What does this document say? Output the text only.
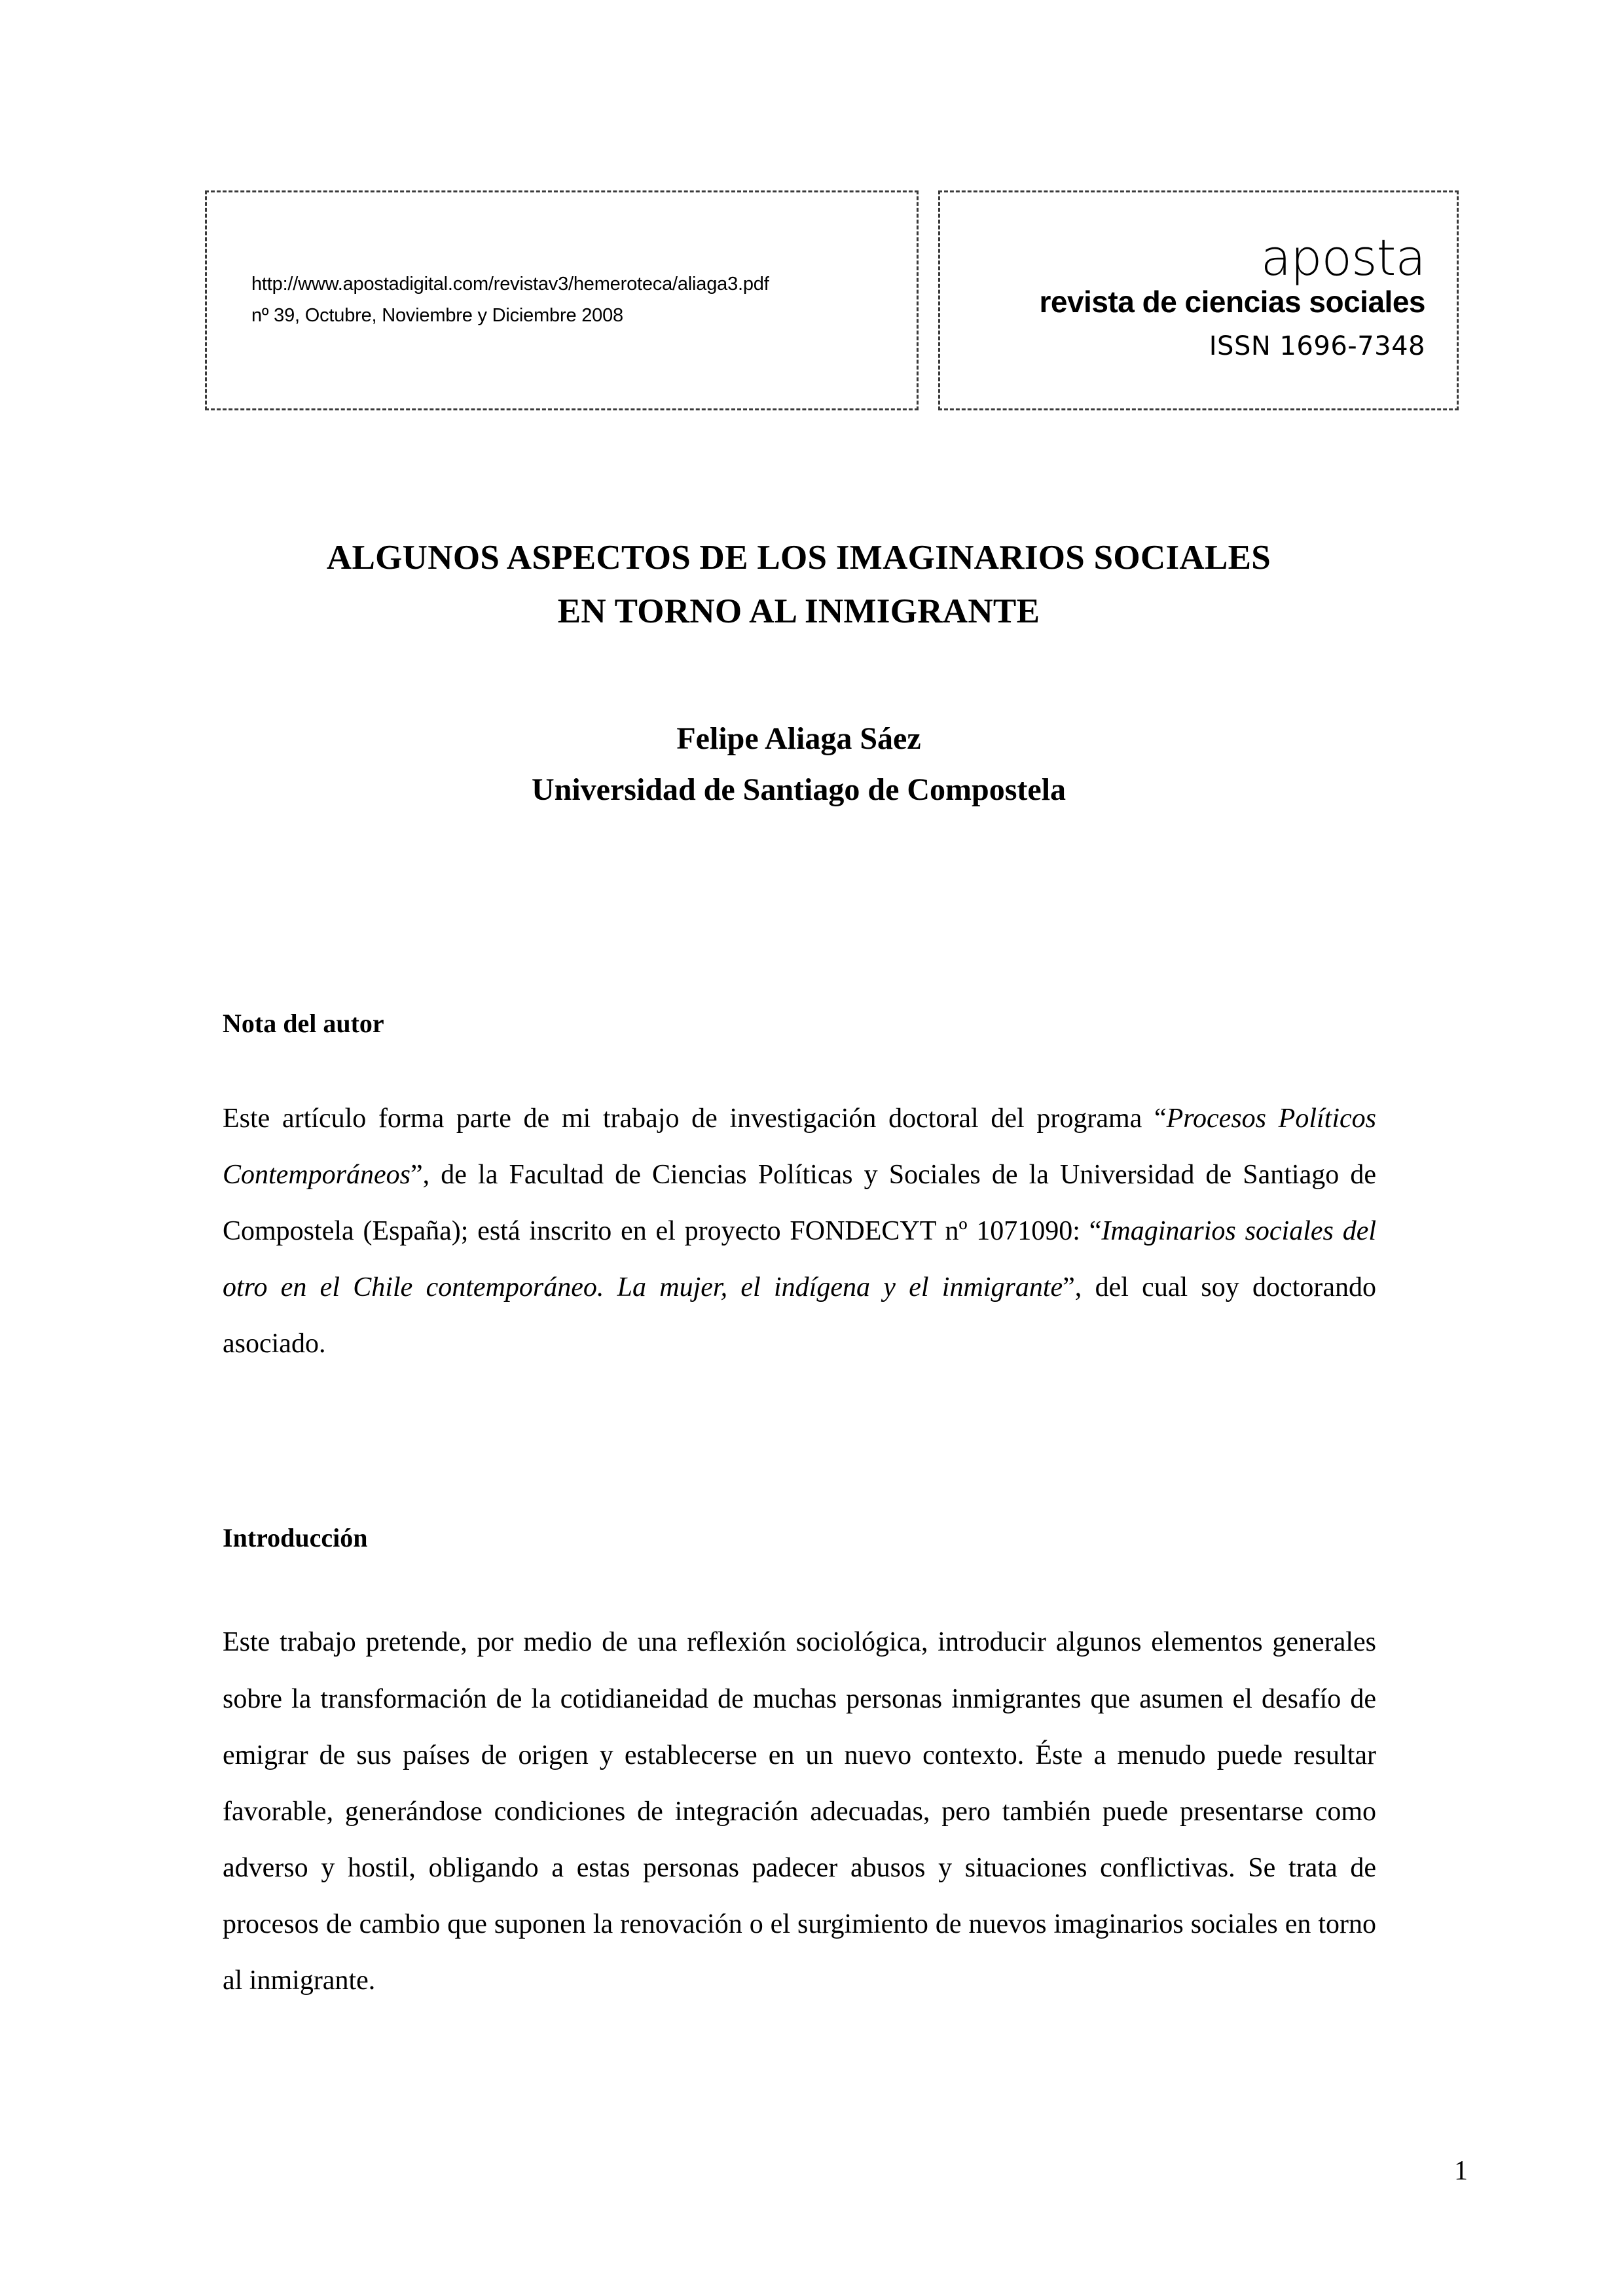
http://www.apostadigital.com/revistav3/hemeroteca/aliaga3.pdf
nº 39, Octubre, Noviembre y Diciembre 2008
aposta
revista de ciencias sociales
ISSN 1696-7348
ALGUNOS ASPECTOS DE LOS IMAGINARIOS SOCIALES
EN TORNO AL INMIGRANTE
Felipe Aliaga Sáez
Universidad de Santiago de Compostela
Nota del autor

Este artículo forma parte de mi trabajo de investigación doctoral del programa “Procesos Políticos Contemporáneos”, de la Facultad de Ciencias Políticas y Sociales de la Universidad de Santiago de Compostela (España); está inscrito en el proyecto FONDECYT nº 1071090: “Imaginarios sociales del otro en el Chile contemporáneo. La mujer, el indígena y el inmigrante”, del cual soy doctorando asociado.

Introducción

Este trabajo pretende, por medio de una reflexión sociológica, introducir algunos elementos generales sobre la transformación de la cotidianeidad de muchas personas inmigrantes que asumen el desafío de emigrar de sus países de origen y establecerse en un nuevo contexto. Éste a menudo puede resultar favorable, generándose condiciones de integración adecuadas, pero también puede presentarse como adverso y hostil, obligando a estas personas padecer abusos y situaciones conflictivas. Se trata de procesos de cambio que suponen la renovación o el surgimiento de nuevos imaginarios sociales en torno al inmigrante.

1
